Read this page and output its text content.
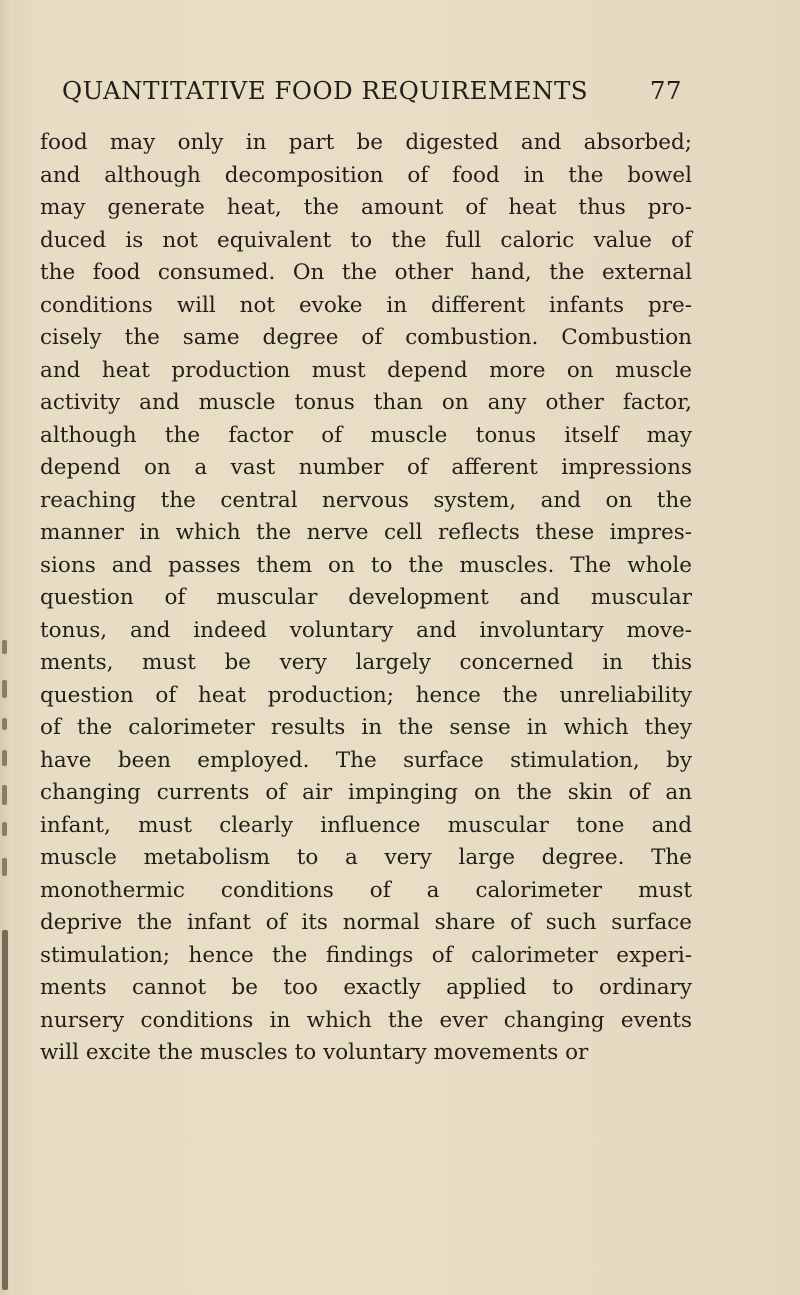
QUANTITATIVE FOOD REQUIREMENTS	77
food may only in part be digested and absorbed;
and although decomposition of food in the bowel
may generate heat, the amount of heat thus pro-
duced is not equivalent to the full caloric value of
the food consumed. On the other hand, the external
conditions will not evoke in different infants pre-
cisely the same degree of combustion. Combustion
and heat production must depend more on muscle
activity and muscle tonus than on any other factor,
although the factor of muscle tonus itself may
depend on a vast number of afferent impressions
reaching the central nervous system, and on the
manner in which the nerve cell reflects these impres-
sions and passes them on to the muscles. The whole
question of muscular development and muscular
tonus, and indeed voluntary and involuntary move-
ments, must be very largely concerned in this
question of heat production; hence the unreliability
of the calorimeter results in the sense in which they
have been employed. The surface stimulation, by
changing currents of air impinging on the skin of an
infant, must clearly influence muscular tone and
muscle metabolism to a very large degree. The
monothermic conditions of a calorimeter must
deprive the infant of its normal share of such surface
stimulation; hence the findings of calorimeter experi-
ments cannot be too exactly applied to ordinary
nursery conditions in which the ever changing events
will excite the muscles to voluntary movements or
